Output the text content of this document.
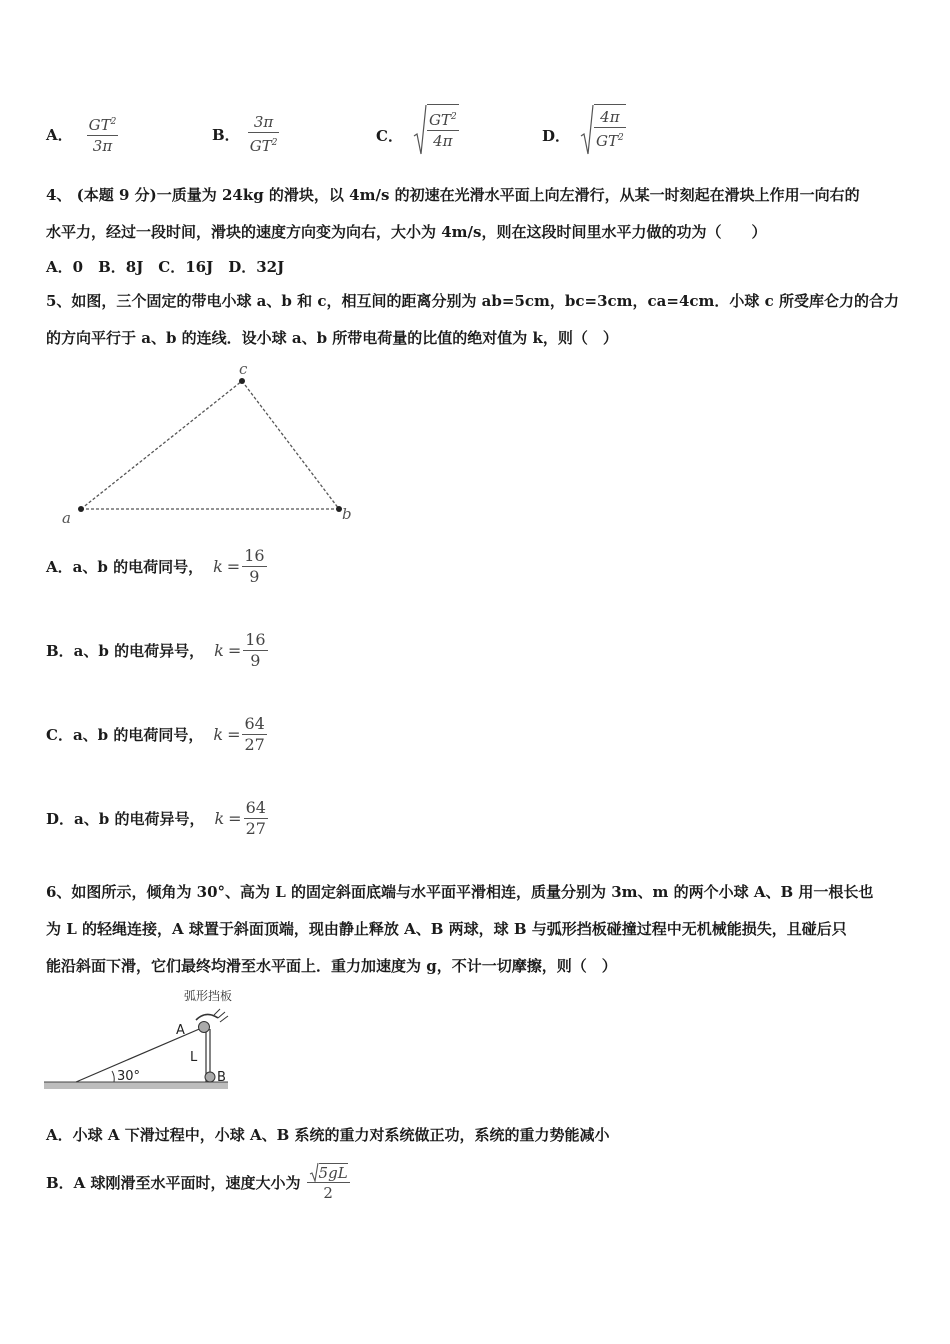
A． $\frac{GT^2}{3\pi}$	B． $\frac{3\pi}{GT^2}$	C． $\frac{GT^2}{4\pi}$	D． $\frac{4\pi}{GT^2}$
4、 (本题 9 分)一质量为 24kg 的滑块，以 4m/s 的初速在光滑水平面上向左滑行，从某一时刻起在滑块上作用一向右的
水平力，经过一段时间，滑块的速度方向变为向右，大小为 4m/s，则在这段时间里水平力做的功为（　　）
A．0　B．8J　C．16J　D．32J
5、如图，三个固定的带电小球 a、b 和 c，相互间的距离分别为 ab=5cm，bc=3cm，ca=4cm．小球 c 所受库仑力的合力
的方向平行于 a、b 的连线．设小球 a、b 所带电荷量的比值的绝对值为 k，则（　）
a	b
c
A．a、b 的电荷同号， $k = \frac{16}{9}$
B．a、b 的电荷异号， $k = \frac{16}{9}$
C．a、b 的电荷同号， $k = \frac{64}{27}$
D．a、b 的电荷异号， $k = \frac{64}{27}$
6、如图所示，倾角为 30°、高为 L 的固定斜面底端与水平面平滑相连，质量分别为 3m、m 的两个小球 A、B 用一根长也
为 L 的轻绳连接，A 球置于斜面顶端，现由静止释放 A、B 两球，球 B 与弧形挡板碰撞过程中无机械能损失，且碰后只
能沿斜面下滑，它们最终均滑至水平面上．重力加速度为 g，不计一切摩擦，则（　）
弧形挡板
A
L
B
30°
A．小球 A 下滑过程中，小球 A、B 系统的重力对系统做正功，系统的重力势能减小
B．A 球刚滑至水平面时，速度大小为 $\frac{5gL}{2}$
